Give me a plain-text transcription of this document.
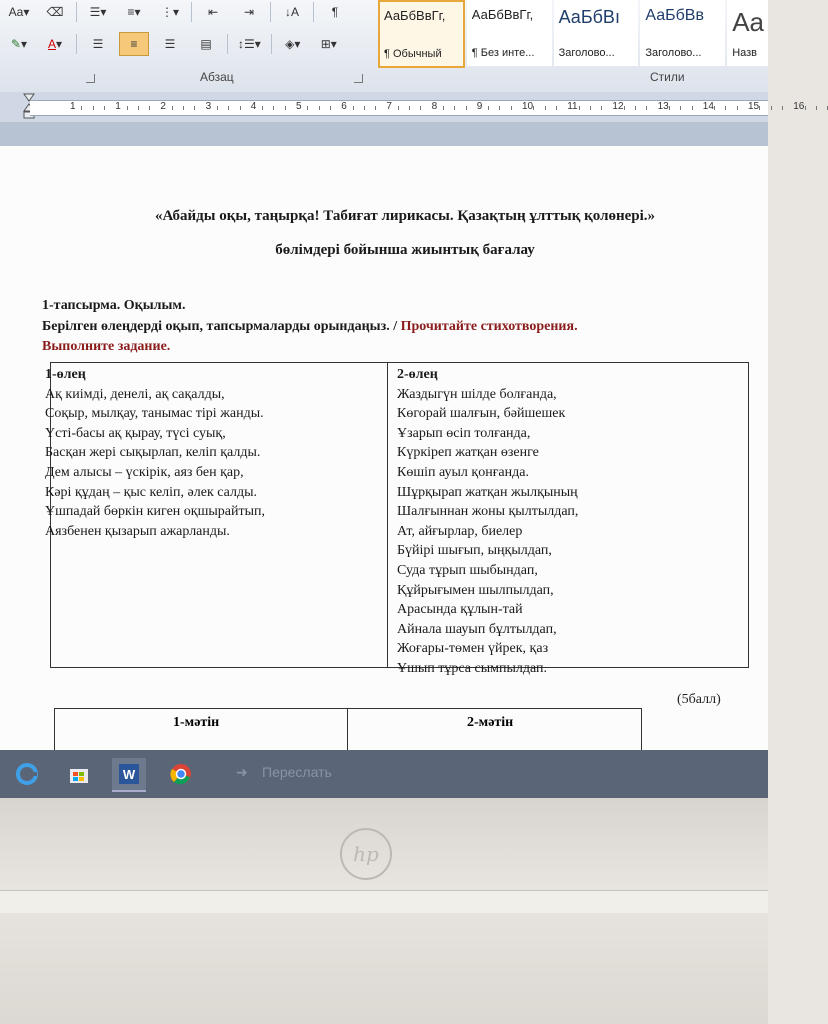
Aa ▾	⌫	☰▾	≡▾	⋮▾	⇤	⇥	↓A	¶
✎ ▾	A ▾	☰	≡	☰	▤	↕☰▾	◈▾	⊞▾
Абзац
АаБбВвГг,
¶ Обычный
АаБбВвГг,
¶ Без инте...
АаБбВı
Заголово...
АаБбВв
Заголово...
Aa
Назв
Стили
1	1	2	3	4	5	6	7	8	9	10	11	12	13	14	15	16
«Абайды оқы, таңырқа! Табиғат лирикасы. Қазақтың ұлттық қолөнері.»
бөлімдері бойынша жиынтық бағалау
1-тапсырма. Оқылым.
Берілген өлеңдерді оқып, тапсырмаларды орындаңыз. / Прочитайте стихотворения.
Выполните задание.
1-өлең
Ақ киімді, денелі, ақ сақалды,
Соқыр, мылқау, танымас тірі жанды.
Үсті-басы ақ қырау, түсі суық,
Басқан жері сықырлап, келіп қалды.
Дем алысы – үскірік, аяз бен қар,
Кәрі құдаң – қыс келіп, әлек салды.
Ұшпадай бөркін киген оқшырайтып,
Аязбенен қызарып ажарланды.
2-өлең
Жаздыгүн шілде болғанда,
Көгорай шалғын, бәйшешек
Ұзарып өсіп толғанда,
Күркіреп жатқан өзенге
Көшіп ауыл қонғанда.
Шұрқырап жатқан жылқының
Шалғыннан жоны қылтылдап,
Ат, айғырлар, биелер
Бүйірі шығып, ыңқылдап,
Суда тұрып шыбындап,
Құйрығымен шылпылдап,
Арасында құлын-тай
Айнала шауып бұлтылдап,
Жоғары-төмен үйрек, қаз
Ұшып тұрса сымпылдап.
(5балл)
1-мәтін	2-мәтін
W	➜ Переслать
hp
